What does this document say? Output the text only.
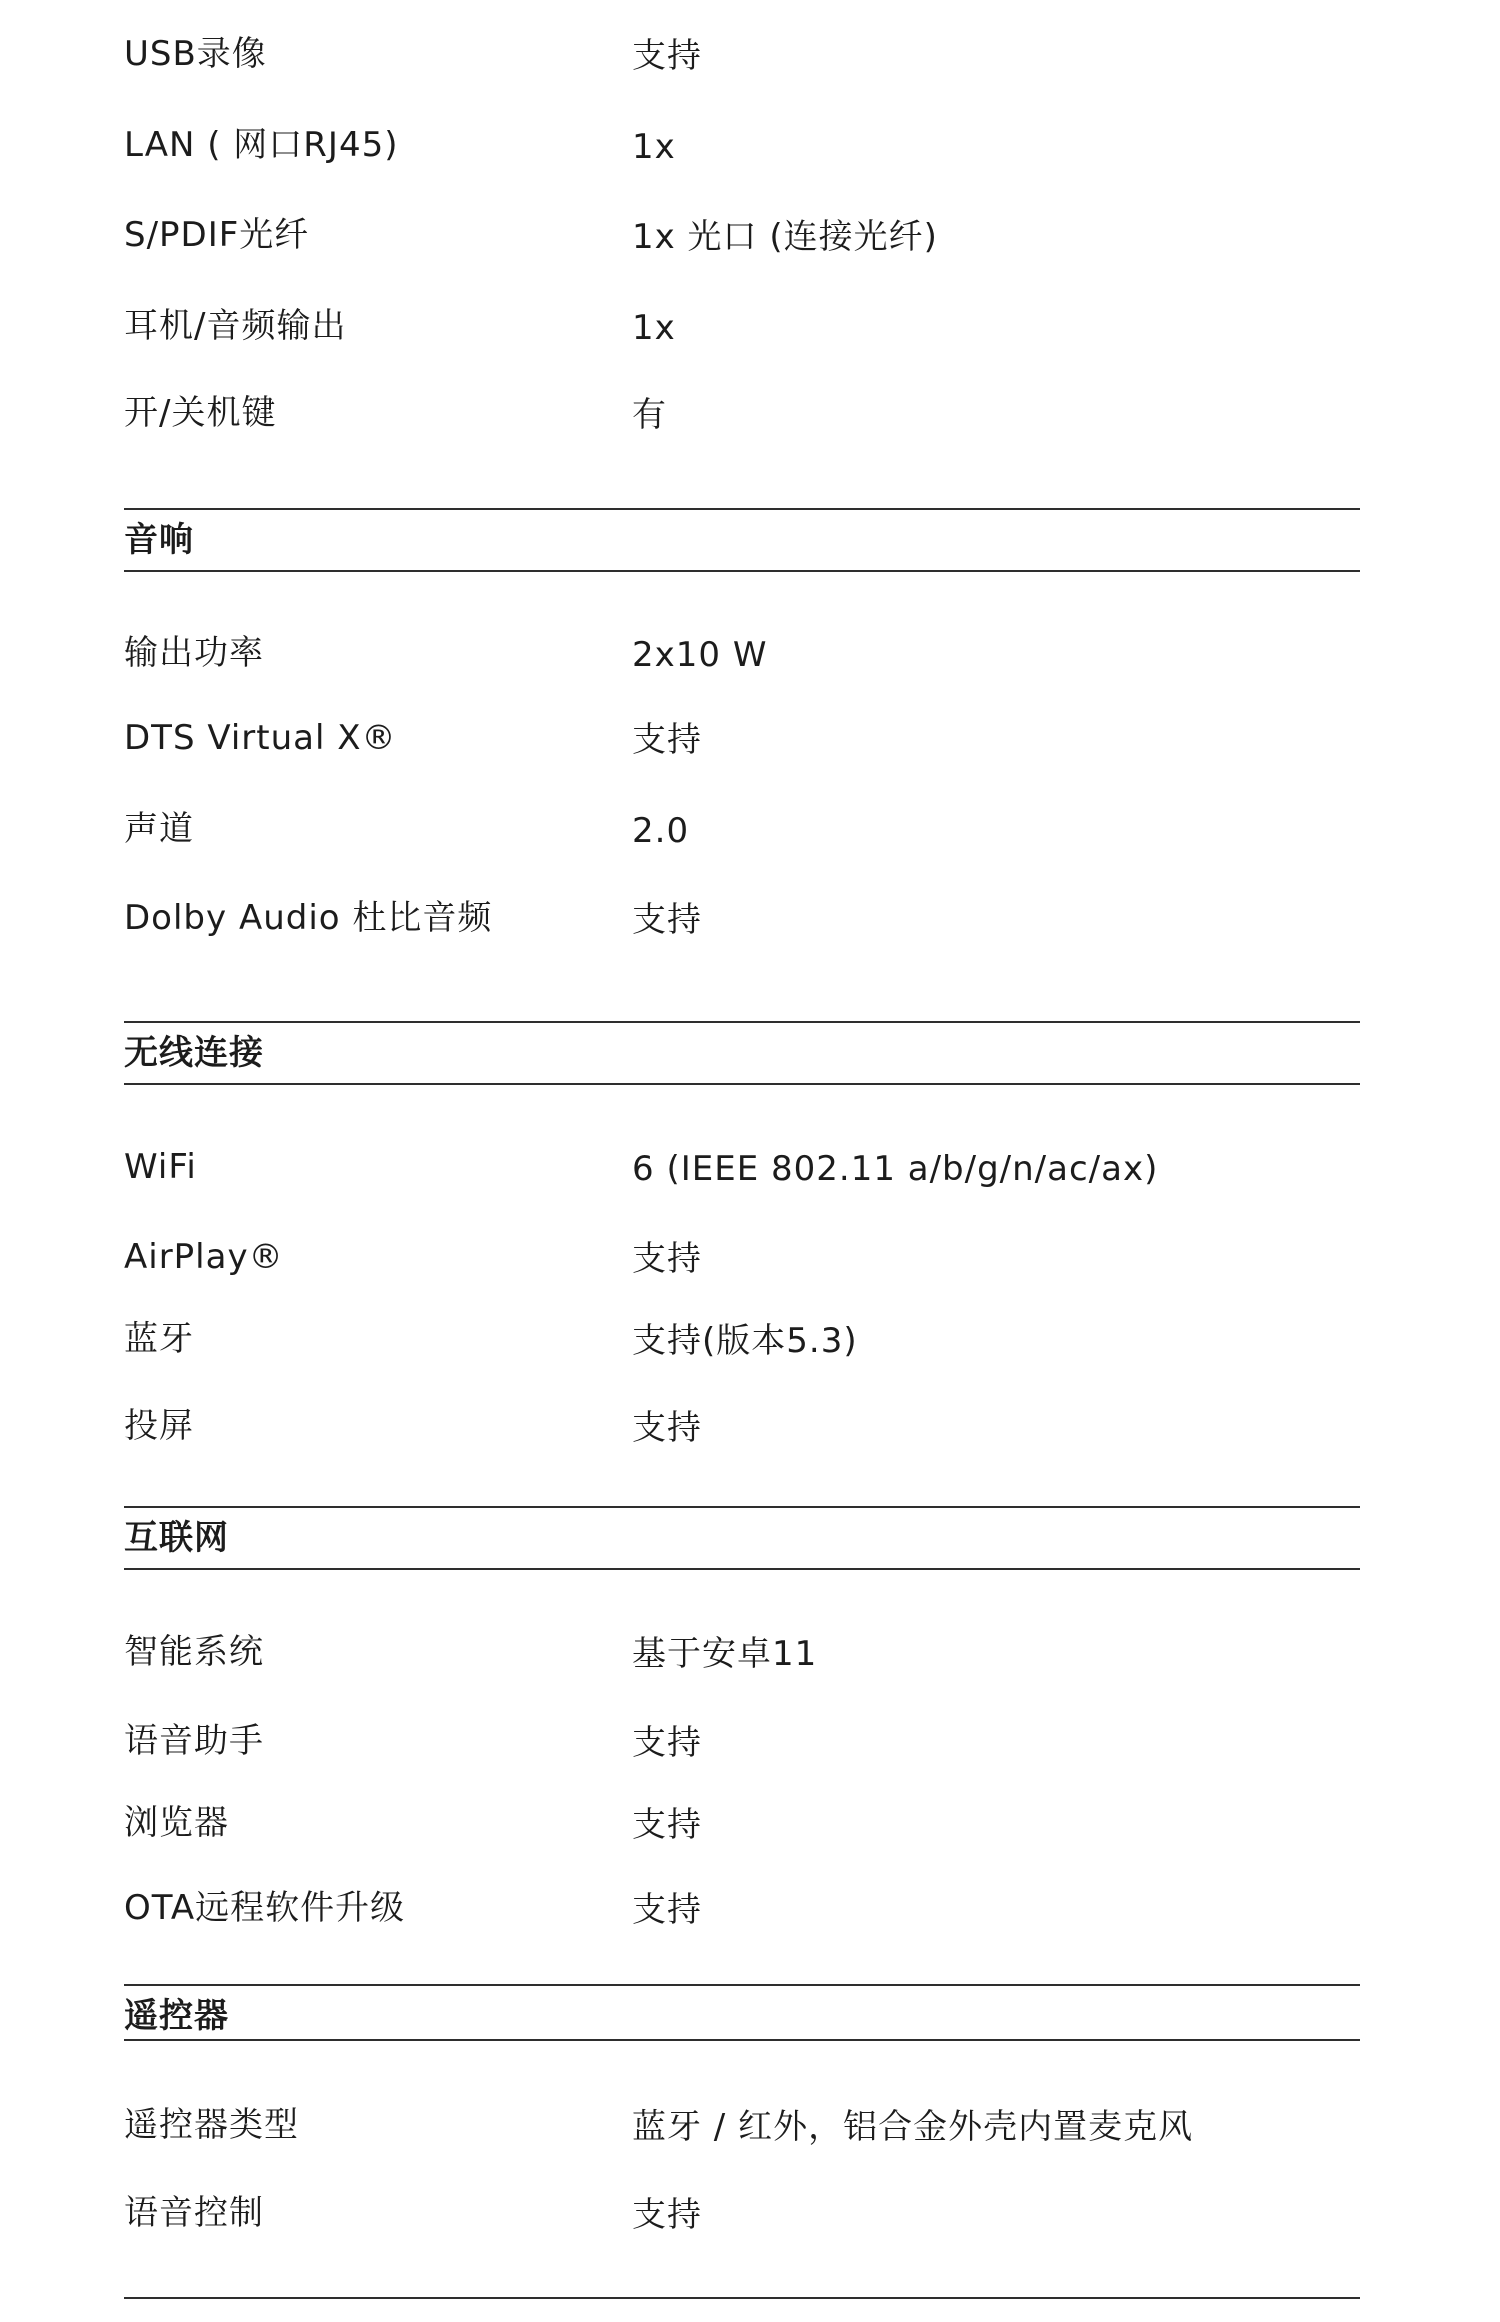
USB录像	支持
LAN ( 网口RJ45)	1x
S/PDIF光纤	1x 光口 (连接光纤)
耳机/音频输出	1x
开/关机键	有
音响
输出功率	2x10 W
DTS Virtual X®	支持
声道	2.0
Dolby Audio 杜比音频	支持
无线连接
WiFi	6 (IEEE 802.11 a/b/g/n/ac/ax)
AirPlay®	支持
蓝牙	支持(版本5.3)
投屏	支持
互联网
智能系统	基于安卓11
语音助手	支持
浏览器	支持
OTA远程软件升级	支持
遥控器
遥控器类型	蓝牙 / 红外，铝合金外壳内置麦克风
语音控制	支持
